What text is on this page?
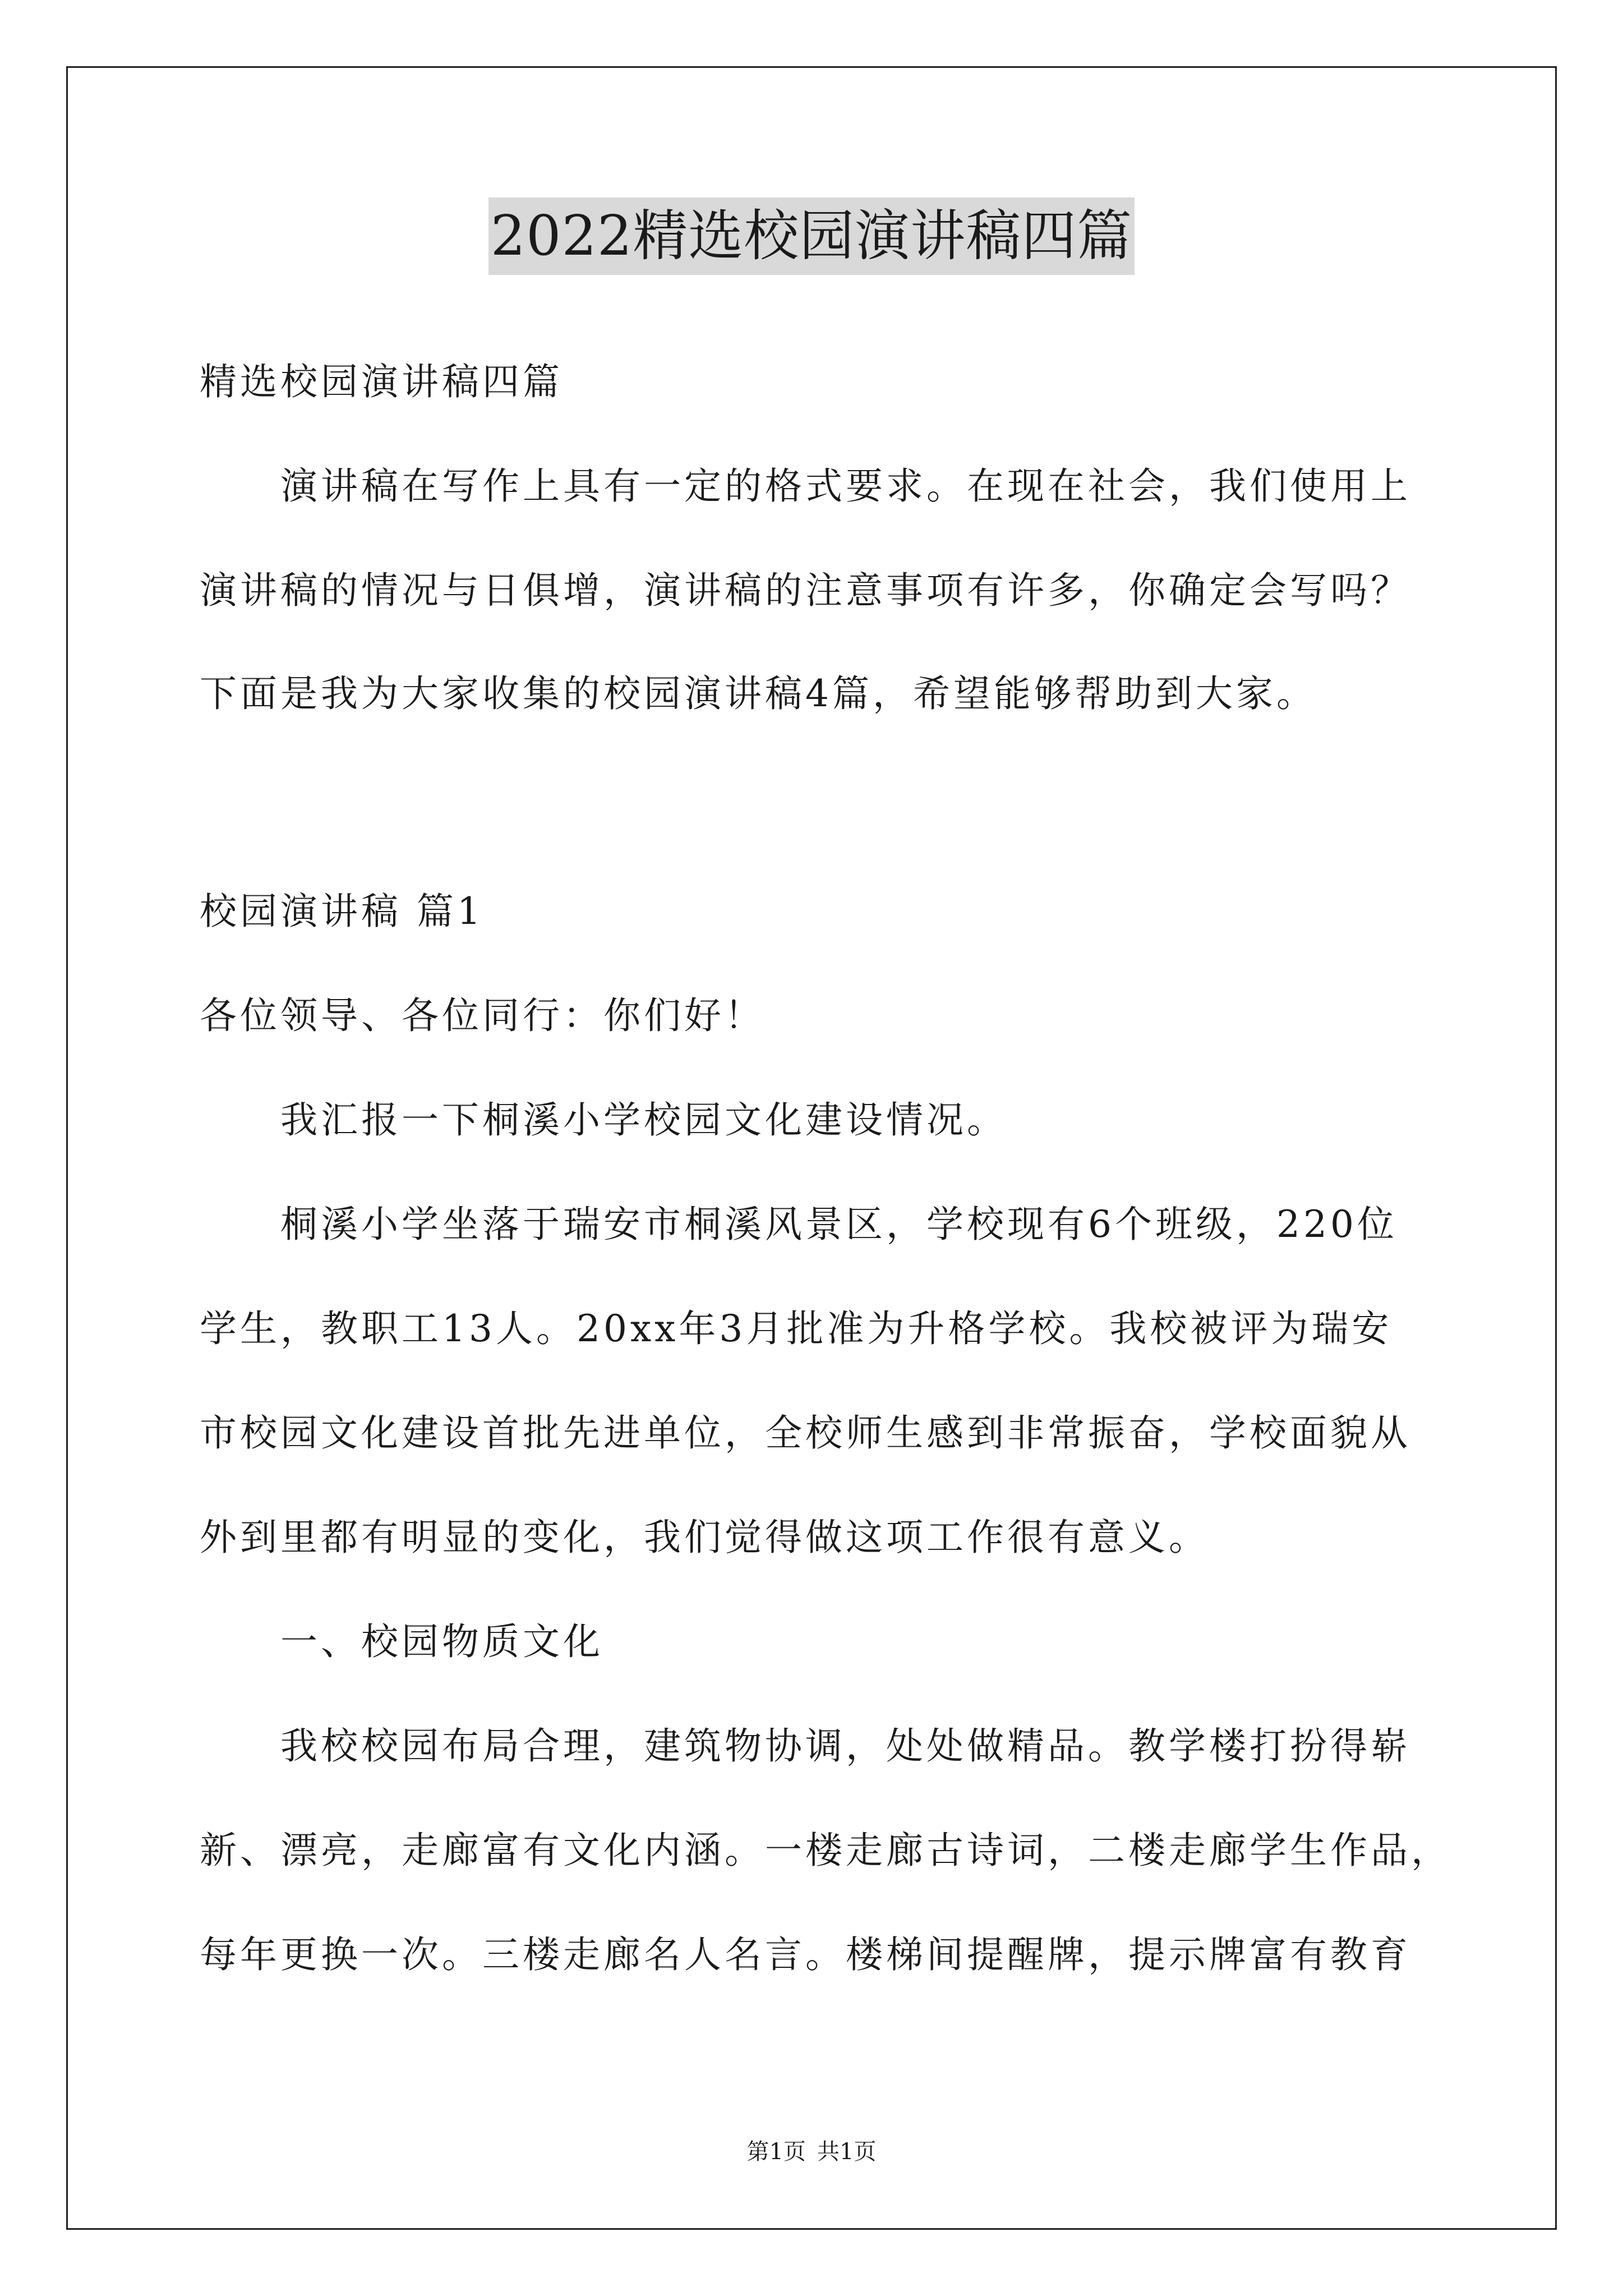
2022精选校园演讲稿四篇
精选校园演讲稿四篇
演讲稿在写作上具有一定的格式要求。在现在社会，我们使用上
演讲稿的情况与日俱增，演讲稿的注意事项有许多，你确定会写吗？
下面是我为大家收集的校园演讲稿4篇，希望能够帮助到大家。
校园演讲稿 篇1
各位领导、各位同行：你们好！
我汇报一下桐溪小学校园文化建设情况。
桐溪小学坐落于瑞安市桐溪风景区，学校现有6个班级，220位
学生，教职工13人。20xx年3月批准为升格学校。我校被评为瑞安
市校园文化建设首批先进单位，全校师生感到非常振奋，学校面貌从
外到里都有明显的变化，我们觉得做这项工作很有意义。
一、校园物质文化
我校校园布局合理，建筑物协调，处处做精品。教学楼打扮得崭
新、漂亮，走廊富有文化内涵。一楼走廊古诗词，二楼走廊学生作品，
每年更换一次。三楼走廊名人名言。楼梯间提醒牌，提示牌富有教育
第1页 共1页
